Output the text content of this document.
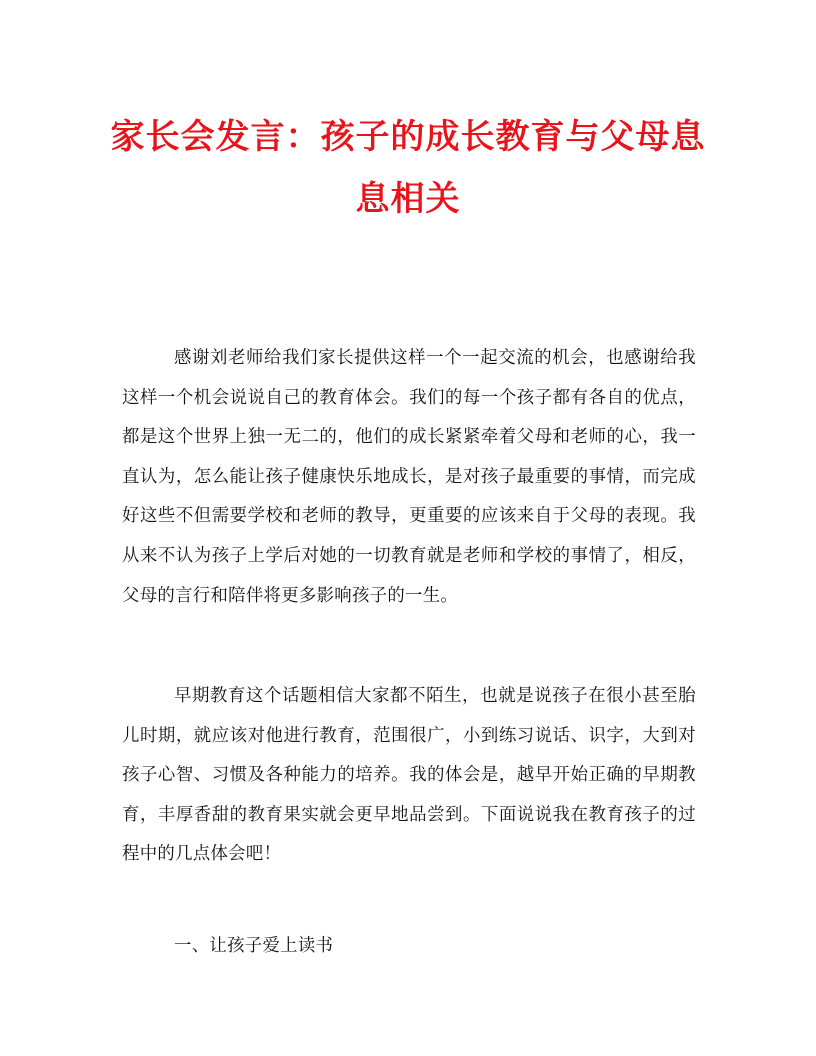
家长会发言：孩子的成长教育与父母息息相关

感谢刘老师给我们家长提供这样一个一起交流的机会，也感谢给我这样一个机会说说自己的教育体会。我们的每一个孩子都有各自的优点，都是这个世界上独一无二的，他们的成长紧紧牵着父母和老师的心，我一直认为，怎么能让孩子健康快乐地成长，是对孩子最重要的事情，而完成好这些不但需要学校和老师的教导，更重要的应该来自于父母的表现。我从来不认为孩子上学后对她的一切教育就是老师和学校的事情了，相反，父母的言行和陪伴将更多影响孩子的一生。

早期教育这个话题相信大家都不陌生，也就是说孩子在很小甚至胎儿时期，就应该对他进行教育，范围很广，小到练习说话、识字，大到对孩子心智、习惯及各种能力的培养。我的体会是，越早开始正确的早期教育，丰厚香甜的教育果实就会更早地品尝到。下面说说我在教育孩子的过程中的几点体会吧！

一、让孩子爱上读书
